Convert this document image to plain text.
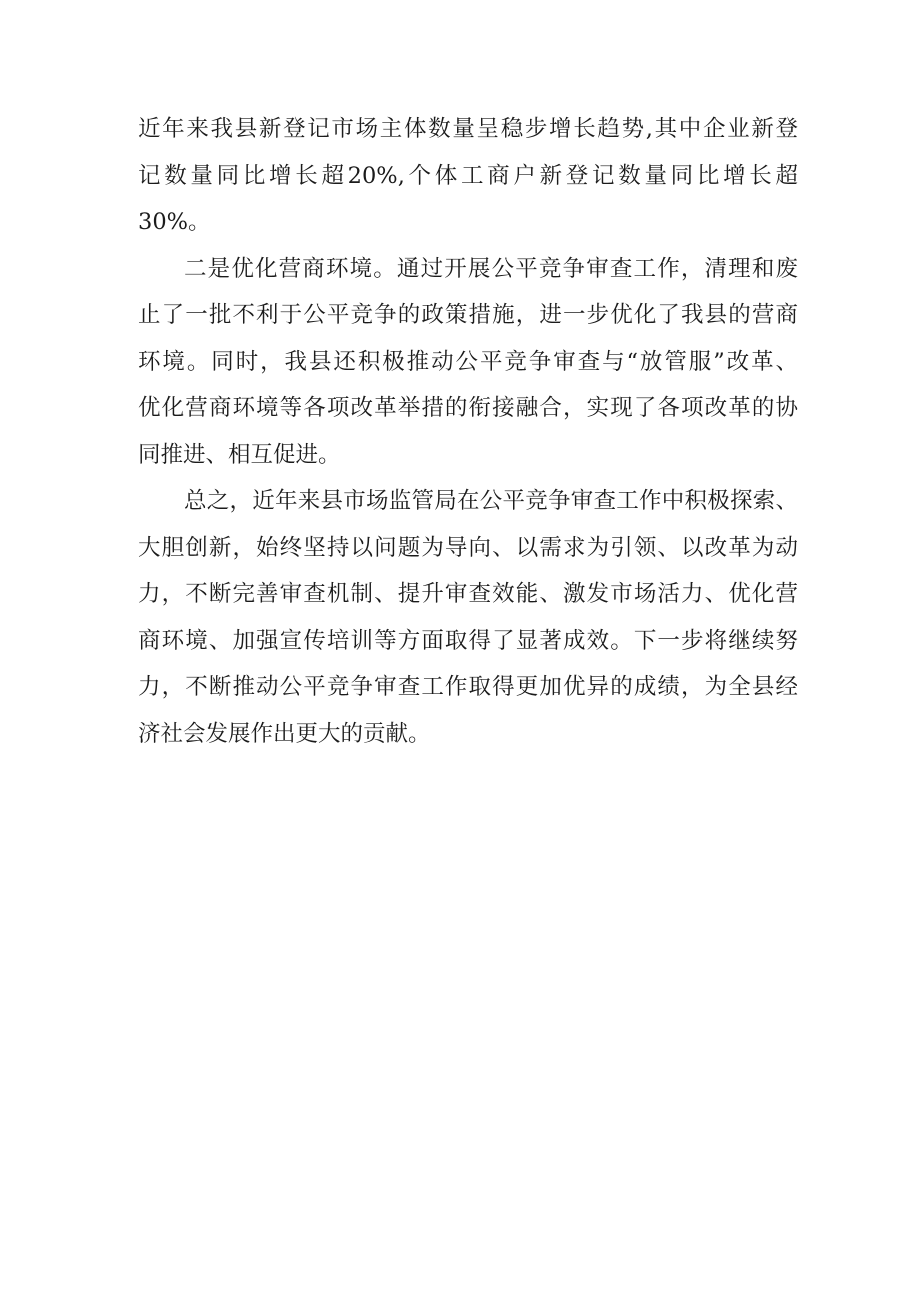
近年来我县新登记市场主体数量呈稳步增长趋势,其中企业新登
记数量同比增长超20%,个体工商户新登记数量同比增长超
30%。
二是优化营商环境。通过开展公平竞争审查工作，清理和废
止了一批不利于公平竞争的政策措施，进一步优化了我县的营商
环境。同时，我县还积极推动公平竞争审查与“放管服”改革、
优化营商环境等各项改革举措的衔接融合，实现了各项改革的协
同推进、相互促进。
总之，近年来县市场监管局在公平竞争审查工作中积极探索、
大胆创新，始终坚持以问题为导向、以需求为引领、以改革为动
力，不断完善审查机制、提升审查效能、激发市场活力、优化营
商环境、加强宣传培训等方面取得了显著成效。下一步将继续努
力，不断推动公平竞争审查工作取得更加优异的成绩，为全县经
济社会发展作出更大的贡献。
